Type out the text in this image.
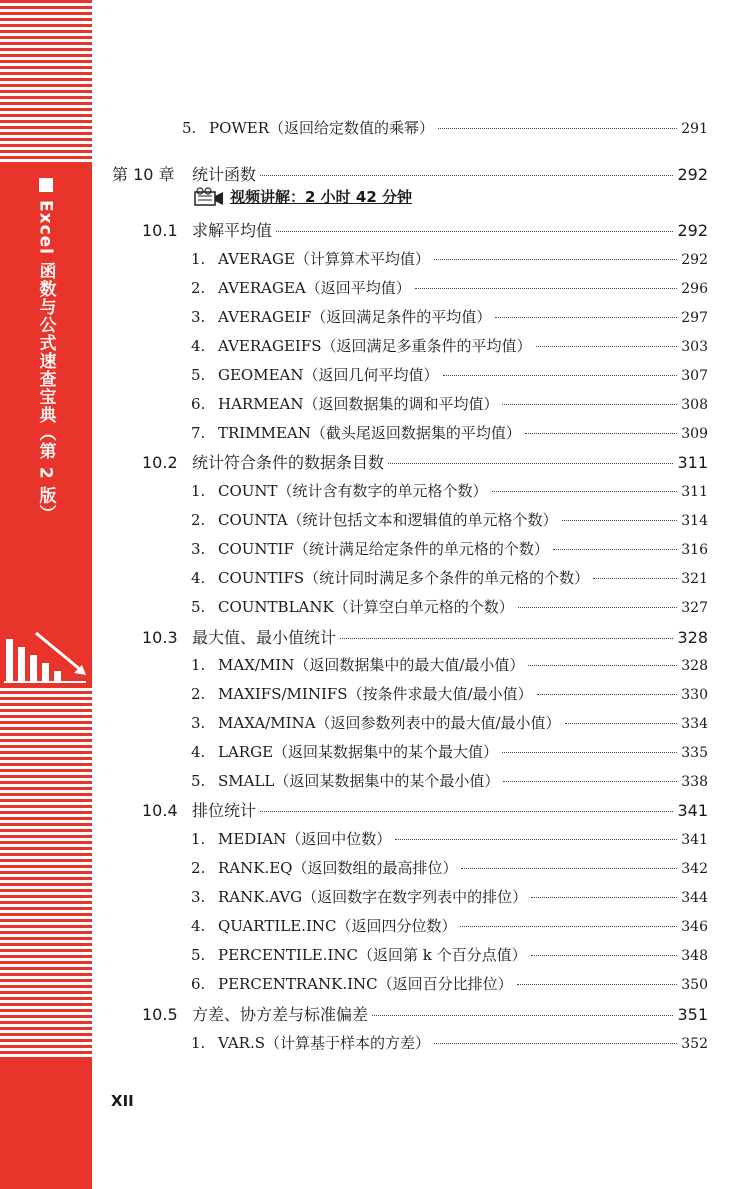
Excel 函数与公式速查宝典（第 2 版）
5. POWER（返回给定数值的乘幂）	291
第 10 章	统计函数	292
视频讲解：2 小时 42 分钟
10.1 求解平均值	292
1. AVERAGE（计算算术平均值）	292
2. AVERAGEA（返回平均值）	296
3. AVERAGEIF（返回满足条件的平均值）	297
4. AVERAGEIFS（返回满足多重条件的平均值）	303
5. GEOMEAN（返回几何平均值）	307
6. HARMEAN（返回数据集的调和平均值）	308
7. TRIMMEAN（截头尾返回数据集的平均值）	309
10.2 统计符合条件的数据条目数	311
1. COUNT（统计含有数字的单元格个数）	311
2. COUNTA（统计包括文本和逻辑值的单元格个数）	314
3. COUNTIF（统计满足给定条件的单元格的个数）	316
4. COUNTIFS（统计同时满足多个条件的单元格的个数）	321
5. COUNTBLANK（计算空白单元格的个数）	327
10.3 最大值、最小值统计	328
1. MAX/MIN（返回数据集中的最大值/最小值）	328
2. MAXIFS/MINIFS（按条件求最大值/最小值）	330
3. MAXA/MINA（返回参数列表中的最大值/最小值）	334
4. LARGE（返回某数据集中的某个最大值）	335
5. SMALL（返回某数据集中的某个最小值）	338
10.4 排位统计	341
1. MEDIAN（返回中位数）	341
2. RANK.EQ（返回数组的最高排位）	342
3. RANK.AVG（返回数字在数字列表中的排位）	344
4. QUARTILE.INC（返回四分位数）	346
5. PERCENTILE.INC（返回第 k 个百分点值）	348
6. PERCENTRANK.INC（返回百分比排位）	350
10.5 方差、协方差与标准偏差	351
1. VAR.S（计算基于样本的方差）	352
XII
